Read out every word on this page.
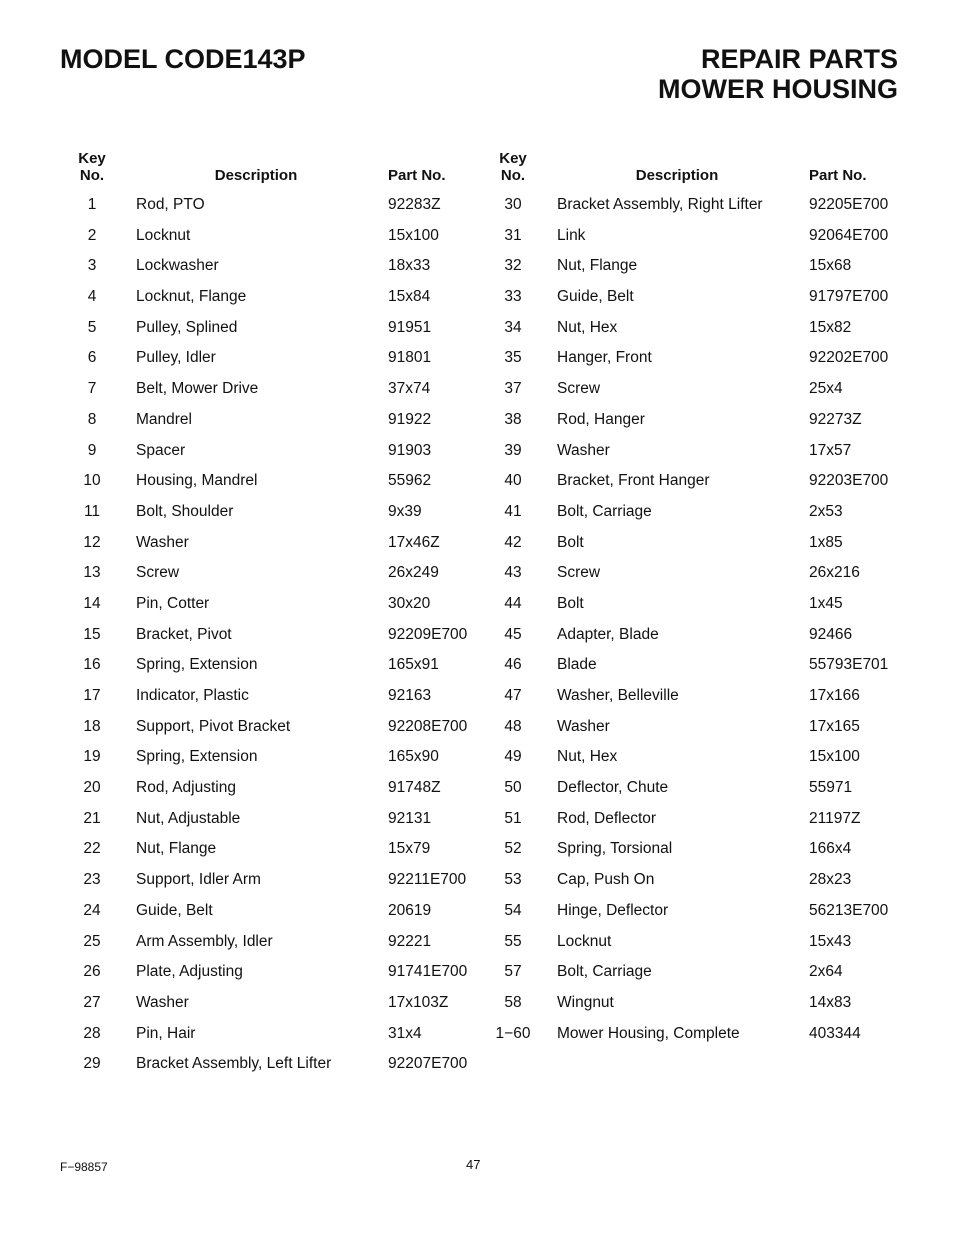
MODEL CODE143P	REPAIR PARTS
MOWER HOUSING
Key
No.	Description	Part No.
1	Rod, PTO	92283Z
2	Locknut	15x100
3	Lockwasher	18x33
4	Locknut, Flange	15x84
5	Pulley, Splined	91951
6	Pulley, Idler	91801
7	Belt, Mower Drive	37x74
8	Mandrel	91922
9	Spacer	91903
10	Housing, Mandrel	55962
11	Bolt, Shoulder	9x39
12	Washer	17x46Z
13	Screw	26x249
14	Pin, Cotter	30x20
15	Bracket, Pivot	92209E700
16	Spring, Extension	165x91
17	Indicator, Plastic	92163
18	Support, Pivot Bracket	92208E700
19	Spring, Extension	165x90
20	Rod, Adjusting	91748Z
21	Nut, Adjustable	92131
22	Nut, Flange	15x79
23	Support, Idler Arm	92211E700
24	Guide, Belt	20619
25	Arm Assembly, Idler	92221
26	Plate, Adjusting	91741E700
27	Washer	17x103Z
28	Pin, Hair	31x4
29	Bracket Assembly, Left Lifter	92207E700
Key
No.	Description	Part No.
30	Bracket Assembly, Right Lifter	92205E700
31	Link	92064E700
32	Nut, Flange	15x68
33	Guide, Belt	91797E700
34	Nut, Hex	15x82
35	Hanger, Front	92202E700
37	Screw	25x4
38	Rod, Hanger	92273Z
39	Washer	17x57
40	Bracket, Front Hanger	92203E700
41	Bolt, Carriage	2x53
42	Bolt	1x85
43	Screw	26x216
44	Bolt	1x45
45	Adapter, Blade	92466
46	Blade	55793E701
47	Washer, Belleville	17x166
48	Washer	17x165
49	Nut, Hex	15x100
50	Deflector, Chute	55971
51	Rod, Deflector	21197Z
52	Spring, Torsional	166x4
53	Cap, Push On	28x23
54	Hinge, Deflector	56213E700
55	Locknut	15x43
57	Bolt, Carriage	2x64
58	Wingnut	14x83
1−60	Mower Housing, Complete	403344
F−98857	47
